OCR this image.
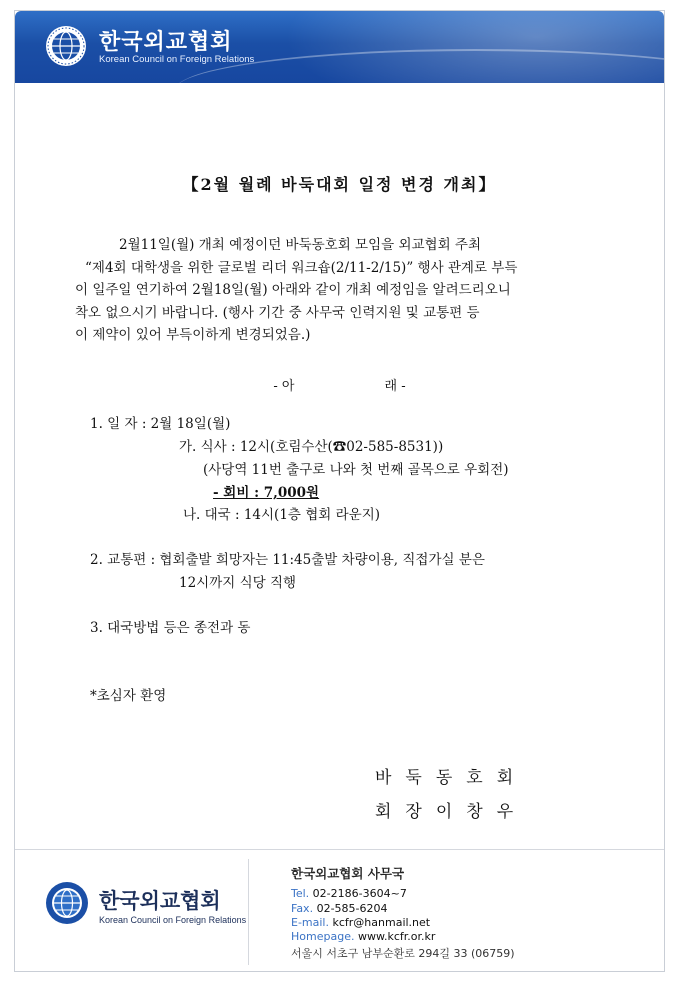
한국외교협회
Korean Council on Foreign Relations
【2월 월례 바둑대회 일정 변경 개최】
2월11일(월) 개최 예정이던 바둑동호회 모임을 외교협회 주최
“제4회 대학생을 위한 글로벌 리더 워크숍(2/11-2/15)” 행사 관계로 부득
이 일주일 연기하여 2월18일(월) 아래와 같이 개최 예정임을 알려드리오니
착오 없으시기 바랍니다. (행사 기간 중 사무국 인력지원 및 교통편 등
이 제약이 있어 부득이하게 변경되었음.)
- 아	래 -
1. 일 자 : 2월 18일(월)
가. 식사 : 12시(호림수산(☎02-585-8531))
(사당역 11번 출구로 나와 첫 번째 골목으로 우회전)
- 회비 : 7,000원
나. 대국 : 14시(1층 협회 라운지)
2. 교통편 : 협회출발 희망자는 11:45출발 차량이용, 직접가실 분은
12시까지 식당 직행
3. 대국방법 등은 종전과 동
*초심자 환영
바둑동호회
회장이창우
한국외교협회
Korean Council on Foreign Relations
한국외교협회 사무국
Tel. 02-2186-3604~7
Fax. 02-585-6204
E-mail. kcfr@hanmail.net
Homepage. www.kcfr.or.kr
서울시 서초구 남부순환로 294길 33 (06759)
